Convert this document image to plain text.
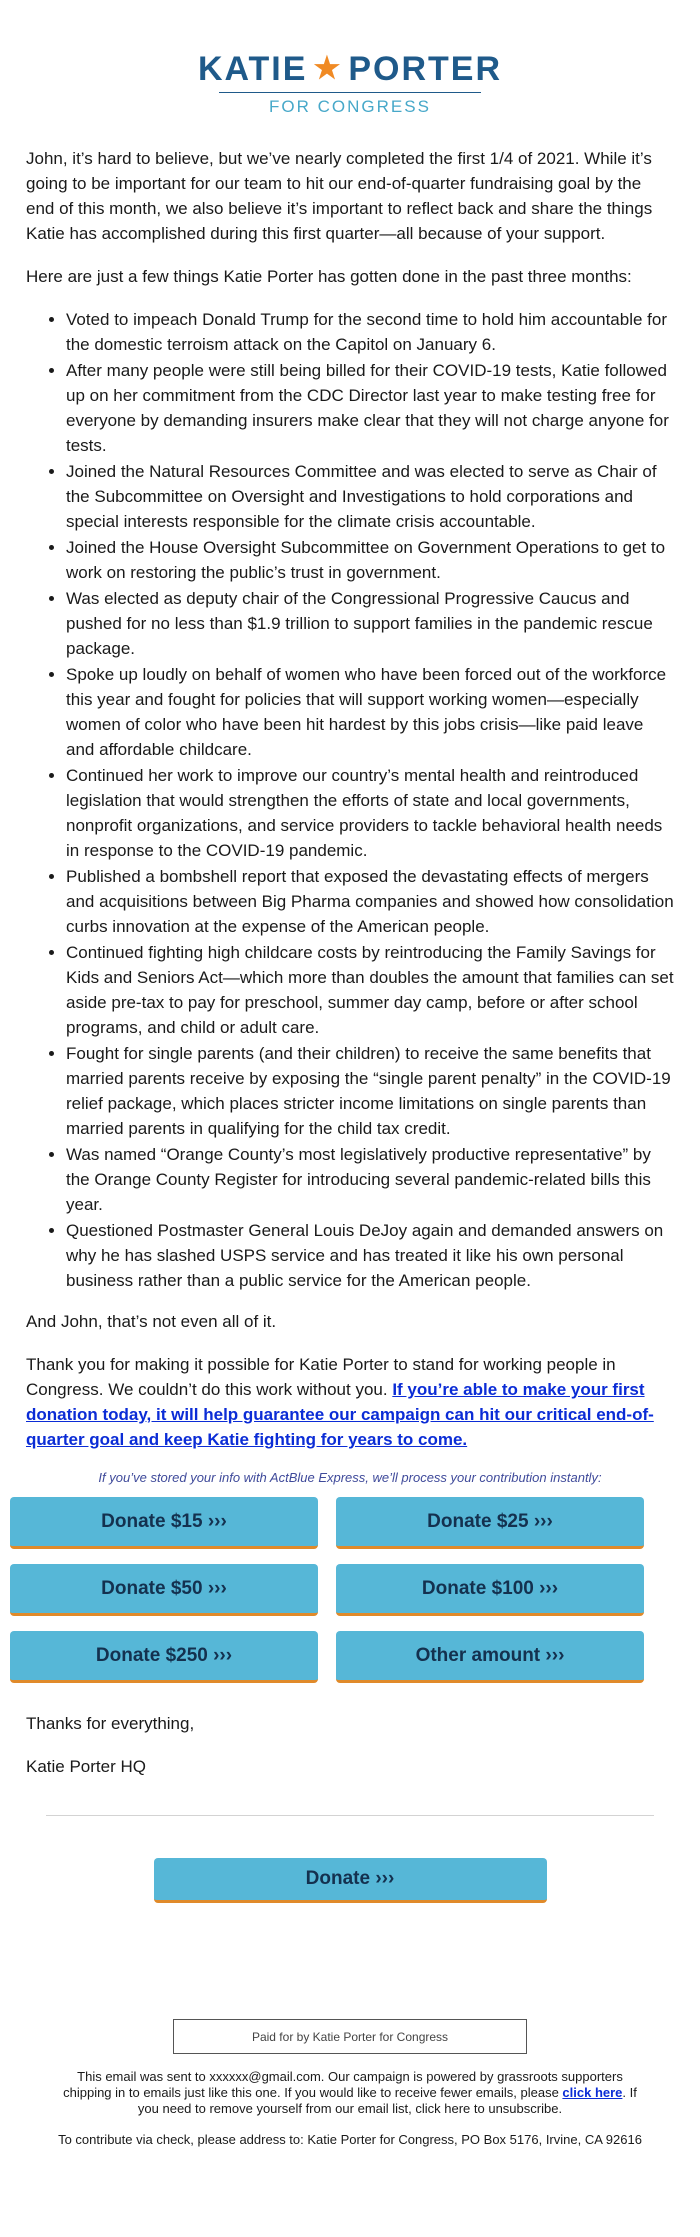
KATIE ★ PORTER
FOR CONGRESS

John, it’s hard to believe, but we’ve nearly completed the first 1/4 of 2021. While it’s going to be important for our team to hit our end-of-quarter fundraising goal by the end of this month, we also believe it’s important to reflect back and share the things Katie has accomplished during this first quarter—all because of your support.

Here are just a few things Katie Porter has gotten done in the past three months:

• Voted to impeach Donald Trump for the second time to hold him accountable for the domestic terroism attack on the Capitol on January 6.
• After many people were still being billed for their COVID-19 tests, Katie followed up on her commitment from the CDC Director last year to make testing free for everyone by demanding insurers make clear that they will not charge anyone for tests.
• Joined the Natural Resources Committee and was elected to serve as Chair of the Subcommittee on Oversight and Investigations to hold corporations and special interests responsible for the climate crisis accountable.
• Joined the House Oversight Subcommittee on Government Operations to get to work on restoring the public’s trust in government.
• Was elected as deputy chair of the Congressional Progressive Caucus and pushed for no less than $1.9 trillion to support families in the pandemic rescue package.
• Spoke up loudly on behalf of women who have been forced out of the workforce this year and fought for policies that will support working women—especially women of color who have been hit hardest by this jobs crisis—like paid leave and affordable childcare.
• Continued her work to improve our country’s mental health and reintroduced legislation that would strengthen the efforts of state and local governments, nonprofit organizations, and service providers to tackle behavioral health needs in response to the COVID-19 pandemic.
• Published a bombshell report that exposed the devastating effects of mergers and acquisitions between Big Pharma companies and showed how consolidation curbs innovation at the expense of the American people.
• Continued fighting high childcare costs by reintroducing the Family Savings for Kids and Seniors Act—which more than doubles the amount that families can set aside pre-tax to pay for preschool, summer day camp, before or after school programs, and child or adult care.
• Fought for single parents (and their children) to receive the same benefits that married parents receive by exposing the “single parent penalty” in the COVID-19 relief package, which places stricter income limitations on single parents than married parents in qualifying for the child tax credit.
• Was named “Orange County’s most legislatively productive representative” by the Orange County Register for introducing several pandemic-related bills this year.
• Questioned Postmaster General Louis DeJoy again and demanded answers on why he has slashed USPS service and has treated it like his own personal business rather than a public service for the American people.

And John, that’s not even all of it.

Thank you for making it possible for Katie Porter to stand for working people in Congress. We couldn’t do this work without you. If you’re able to make your first donation today, it will help guarantee our campaign can hit our critical end-of-quarter goal and keep Katie fighting for years to come.

If you’ve stored your info with ActBlue Express, we’ll process your contribution instantly:
Donate $15 ›››	Donate $25 ›››
Donate $50 ›››	Donate $100 ›››
Donate $250 ›››	Other amount ›››

Thanks for everything,

Katie Porter HQ

Donate ›››
Paid for by Katie Porter for Congress

This email was sent to xxxxxx@gmail.com. Our campaign is powered by grassroots supporters chipping in to emails just like this one. If you would like to receive fewer emails, please click here. If you need to remove yourself from our email list, click here to unsubscribe.

To contribute via check, please address to: Katie Porter for Congress, PO Box 5176, Irvine, CA 92616
